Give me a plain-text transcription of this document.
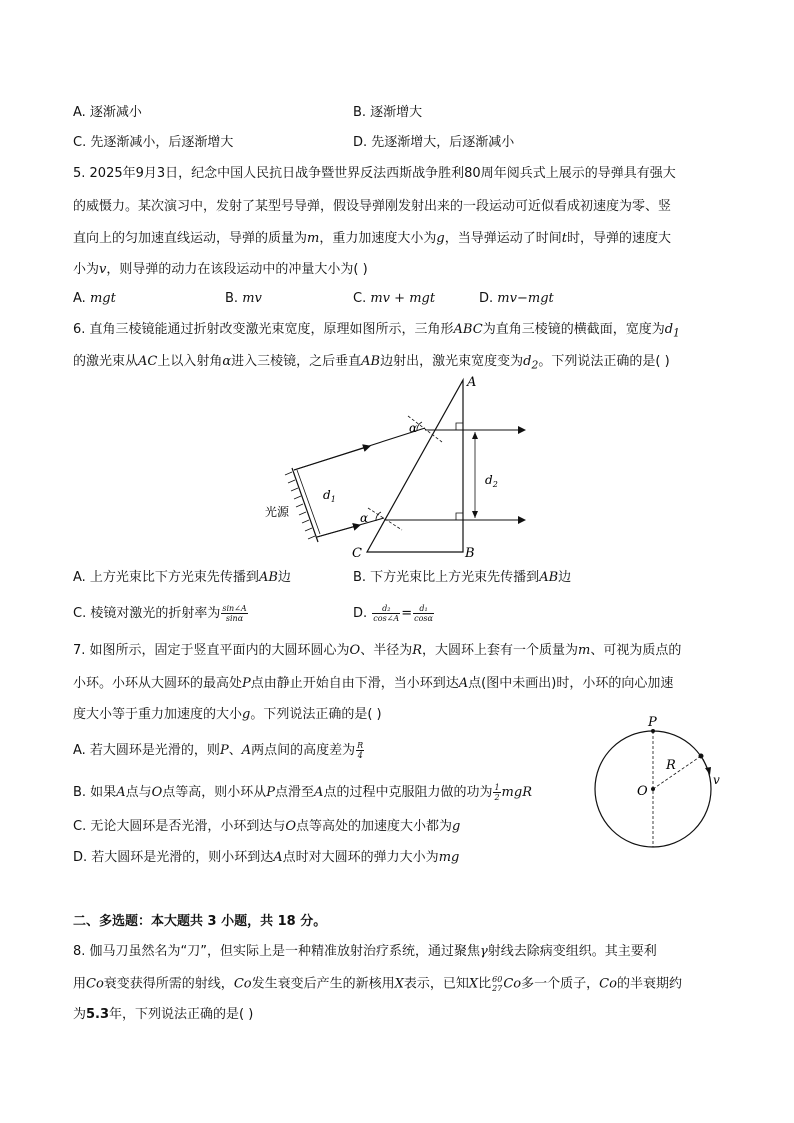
A. 逐渐减小	B. 逐渐增大
C. 先逐渐减小，后逐渐增大	D. 先逐渐增大，后逐渐减小
5. 2025年9月3日，纪念中国人民抗日战争暨世界反法西斯战争胜利80周年阅兵式上展示的导弹具有强大
的威慑力。某次演习中，发射了某型号导弹，假设导弹刚发射出来的一段运动可近似看成初速度为零、竖
直向上的匀加速直线运动，导弹的质量为m，重力加速度大小为g，当导弹运动了时间t时，导弹的速度大
小为v，则导弹的动力在该段运动中的冲量大小为( )
A. mgt	B. mv	C. mv + mgt	D. mv−mgt
6. 直角三棱镜能通过折射改变激光束宽度，原理如图所示，三角形ABC为直角三棱镜的横截面，宽度为$d_1$
的激光束从AC上以入射角α进入三棱镜，之后垂直AB边射出，激光束宽度变为$d_2$。下列说法正确的是( )
A
B
C
α
α
$d_1$
$d_2$
光源
A. 上方光束比下方光束先传播到AB边	B. 下方光束比上方光束先传播到AB边
C. 棱镜对激光的折射率为 $\frac{\sin\angle A}{\sin\alpha}$	D. $\frac{\text{d₂}}{\cos\angle A} = \frac{\text{d₁}}{\cos\alpha}$
7. 如图所示，固定于竖直平面内的大圆环圆心为O、半径为R，大圆环上套有一个质量为m、可视为质点的
小环。小环从大圆环的最高处P点由静止开始自由下滑，当小环到达A点(图中未画出)时，小环的向心加速
度大小等于重力加速度的大小g。下列说法正确的是( )
A. 若大圆环是光滑的，则P、A两点间的高度差为 $\frac{R}{4}$
B. 如果A点与O点等高，则小环从P点滑至A点的过程中克服阻力做的功为 $\frac{1}{2}$ mgR
C. 无论大圆环是否光滑，小环到达与O点等高处的加速度大小都为g
D. 若大圆环是光滑的，则小环到达A点时对大圆环的弹力大小为mg
P
O
R
v
二、多选题：本大题共 3 小题，共 18 分。
8. 伽马刀虽然名为“刀”，但实际上是一种精准放射治疗系统，通过聚焦γ射线去除病变组织。其主要利
用Co衰变获得所需的射线，Co发生衰变后产生的新核用X表示，已知X比 60
27 Co多一个质子，Co的半衰期约
为5.3年，下列说法正确的是( )
